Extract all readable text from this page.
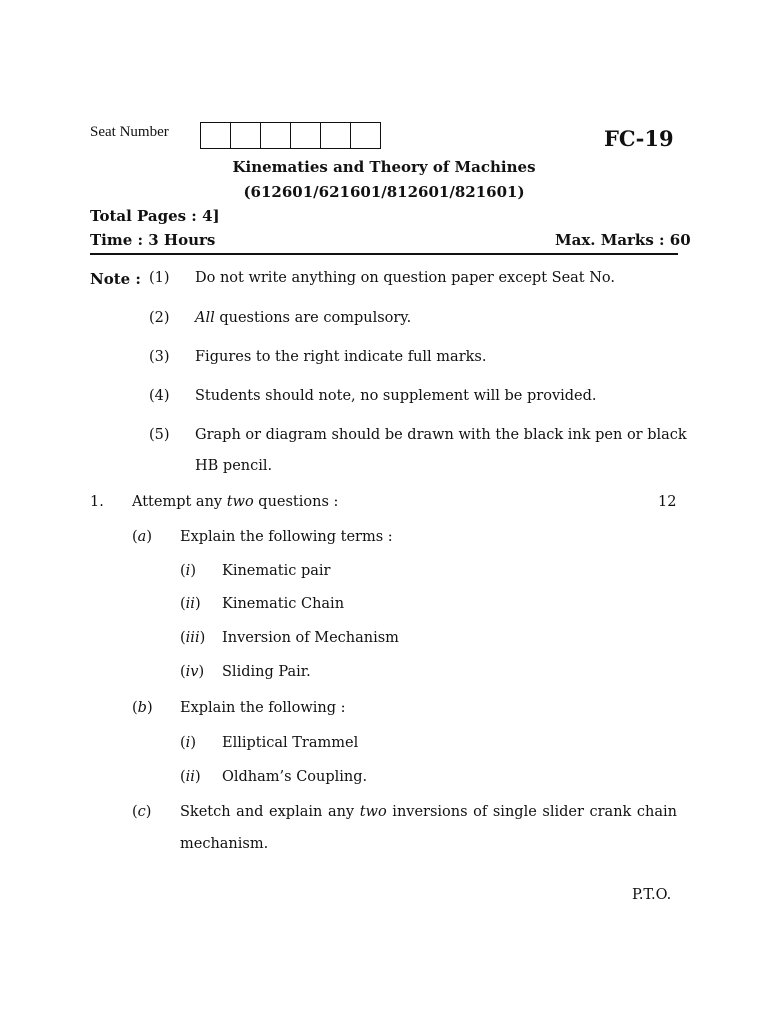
Seat Number	FC-19
Kinematies and Theory of Machines
(612601/621601/812601/821601)
Total Pages : 4]
Time : 3 Hours	Max. Marks : 60
Note : (1) Do not write anything on question paper except Seat No.
(2) All questions are compulsory.
(3) Figures to the right indicate full marks.
(4) Students should note, no supplement will be provided.
(5) Graph or diagram should be drawn with the black ink pen or black
HB pencil.
1. Attempt any two questions :	12
(a) Explain the following terms :
(i) Kinematic pair
(ii) Kinematic Chain
(iii) Inversion of Mechanism
(iv) Sliding Pair.
(b) Explain the following :
(i) Elliptical Trammel
(ii) Oldham’s Coupling.
(c) Sketch and explain any two inversions of single slider crank chain
mechanism.
P.T.O.
